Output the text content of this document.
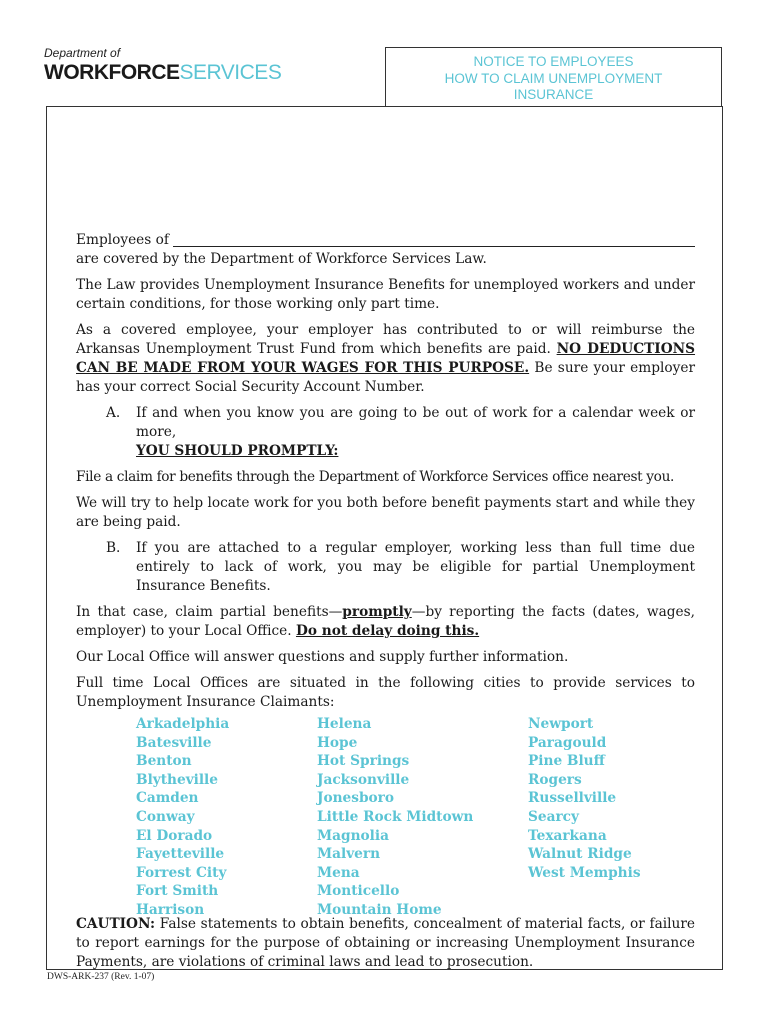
Department of
WORKFORCESERVICES	NOTICE TO EMPLOYEES
HOW TO CLAIM UNEMPLOYMENT
INSURANCE
Employees of

are covered by the Department of Workforce Services Law.

The Law provides Unemployment Insurance Benefits for unemployed workers and under certain conditions, for those working only part time.

As a covered employee, your employer has contributed to or will reimburse the Arkansas Unemployment Trust Fund from which benefits are paid. NO DEDUCTIONS CAN BE MADE FROM YOUR WAGES FOR THIS PURPOSE. Be sure your employer has your correct Social Security Account Number.

A.	If and when you know you are going to be out of work for a calendar week or more,
YOU SHOULD PROMPTLY:

File a claim for benefits through the Department of Workforce Services office nearest you.

We will try to help locate work for you both before benefit payments start and while they are being paid.

B.	If you are attached to a regular employer, working less than full time due entirely to lack of work, you may be eligible for partial Unemployment Insurance Benefits.

In that case, claim partial benefits—promptly—by reporting the facts (dates, wages, employer) to your Local Office. Do not delay doing this.

Our Local Office will answer questions and supply further information.

Full time Local Offices are situated in the following cities to provide services to Unemployment Insurance Claimants:

Arkadelphia
Batesville
Benton
Blytheville
Camden
Conway
El Dorado
Fayetteville
Forrest City
Fort Smith
Harrison
Helena
Hope
Hot Springs
Jacksonville
Jonesboro
Little Rock Midtown
Magnolia
Malvern
Mena
Monticello
Mountain Home
Newport
Paragould
Pine Bluff
Rogers
Russellville
Searcy
Texarkana
Walnut Ridge
West Memphis

CAUTION: False statements to obtain benefits, concealment of material facts, or failure to report earnings for the purpose of obtaining or increasing Unemployment Insurance Payments, are violations of criminal laws and lead to prosecution.

DWS-ARK-237 (Rev. 1-07)
